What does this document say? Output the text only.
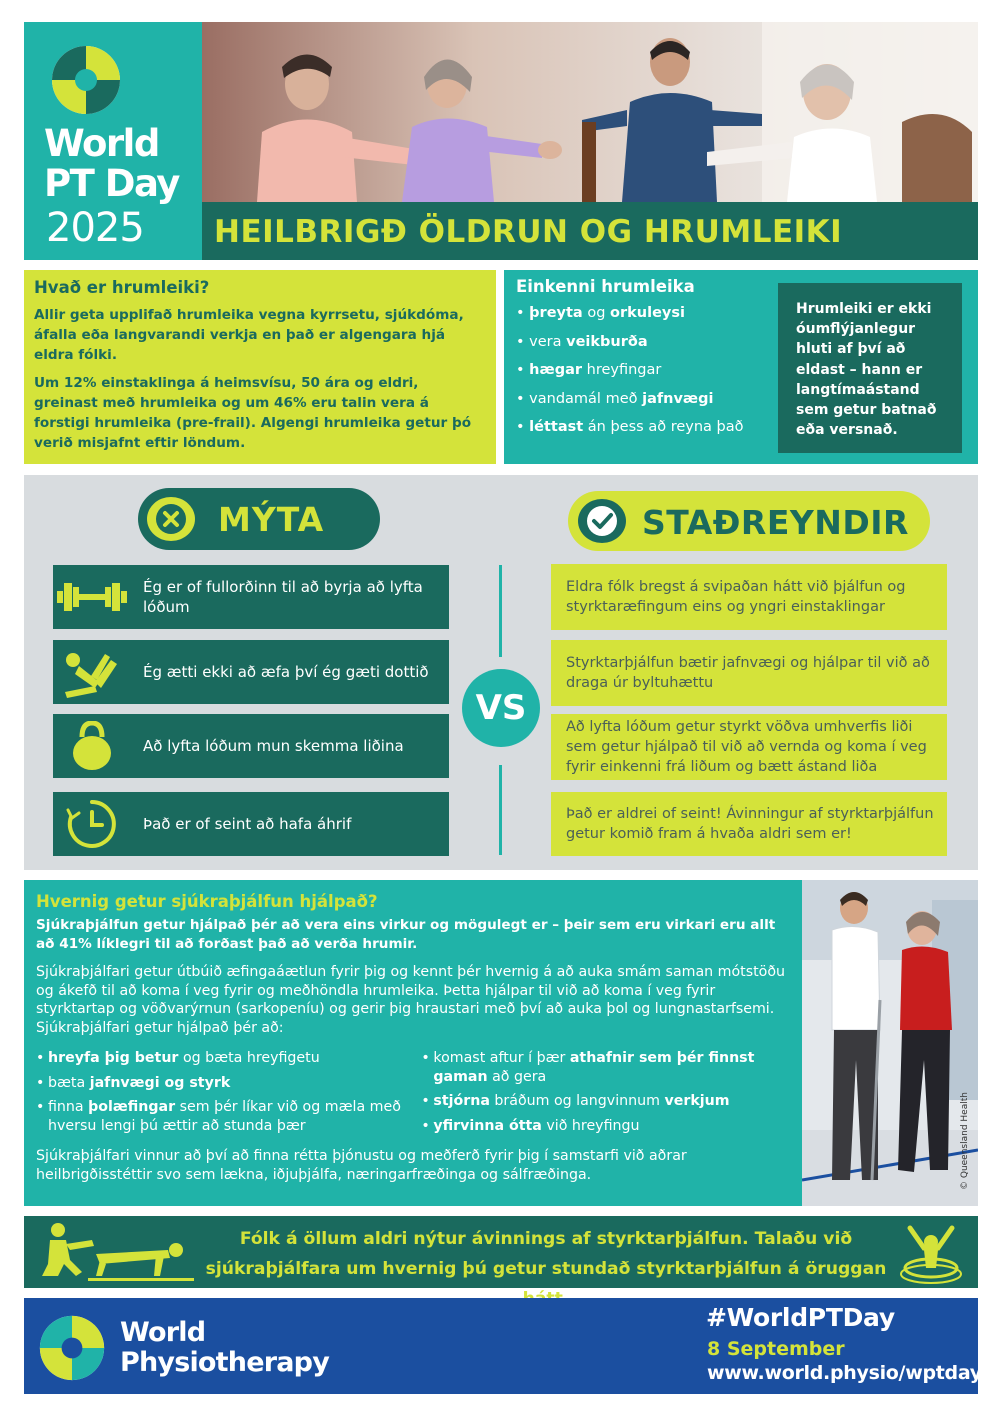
World
PT Day
2025 HEILBRIGÐ ÖLDRUN OG HRUMLEIKI
Hvað er hrumleiki?

Allir geta upplifað hrumleika vegna kyrrsetu, sjúkdóma, áfalla eða langvarandi verkja en það er algengara hjá eldra fólki.

Um 12% einstaklinga á heimsvísu, 50 ára og eldri, greinast með hrumleika og um 46% eru talin vera á forstigi hrumleika (pre-frail). Algengi hrumleika getur þó verið misjafnt eftir löndum.

Einkenni hrumleika
• þreyta og orkuleysi
• vera veikburða
• hægar hreyfingar
• vandamál með jafnvægi
• léttast án þess að reyna það
Hrumleiki er ekki óumflýjanlegur hluti af því að eldast – hann er langtímaástand sem getur batnað eða versnað.
MÝTA	STAÐREYNDIR
Ég er of fullorðinn til að byrja að lyfta lóðum
Ég ætti ekki að æfa því ég gæti dottið
Að lyfta lóðum mun skemma liðina
Það er of seint að hafa áhrif
VS
Eldra fólk bregst á svipaðan hátt við þjálfun og styrktaræfingum eins og yngri einstaklingar
Styrktarþjálfun bætir jafnvægi og hjálpar til við að draga úr byltuhættu
Að lyfta lóðum getur styrkt vöðva umhverfis liði sem getur hjálpað til við að vernda og koma í veg fyrir einkenni frá liðum og bætt ástand liða
Það er aldrei of seint! Ávinningur af styrktarþjálfun getur komið fram á hvaða aldri sem er!
Hvernig getur sjúkraþjálfun hjálpað?

Sjúkraþjálfun getur hjálpað þér að vera eins virkur og mögulegt er – þeir sem eru virkari eru allt að 41% líklegri til að forðast það að verða hrumir.

Sjúkraþjálfari getur útbúið æfingaáætlun fyrir þig og kennt þér hvernig á að auka smám saman mótstöðu og ákefð til að koma í veg fyrir og meðhöndla hrumleika. Þetta hjálpar til við að koma í veg fyrir styrktartap og vöðvarýrnun (sarkopeníu) og gerir þig hraustari með því að auka þol og lungnastarfsemi. Sjúkraþjálfari getur hjálpað þér að:

• hreyfa þig betur og bæta hreyfigetu
• bæta jafnvægi og styrk
• finna þolæfingar sem þér líkar við og mæla með hversu lengi þú ættir að stunda þær
• komast aftur í þær athafnir sem þér finnst gaman að gera
• stjórna bráðum og langvinnum verkjum
• yfirvinna ótta við hreyfingu

Sjúkraþjálfari vinnur að því að finna rétta þjónustu og meðferð fyrir þig í samstarfi við aðrar heilbrigðisstéttir svo sem lækna, iðjuþjálfa, næringarfræðinga og sálfræðinga.	© Queensland Health
Fólk á öllum aldri nýtur ávinnings af styrktarþjálfun. Talaðu við
sjúkraþjálfara um hvernig þú getur stundað styrktarþjálfun á öruggan
World
Physiotherapy
#WorldPTDay
8 September
www.world.physio/wptday
